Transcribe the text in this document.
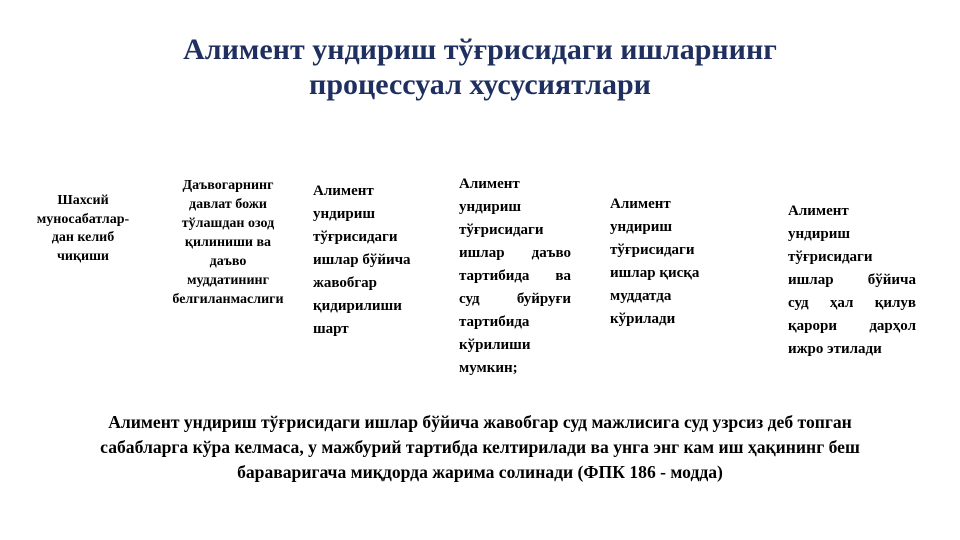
Алимент ундириш тўғрисидаги ишларнинг
процессуал хусусиятлари
Шахсий
муносабатлар-
дан келиб
чиқиши
Даъвогарнинг
давлат божи
тўлашдан озод
қилиниши ва
даъво
муддатининг
белгиланмаслиги
Алимент
ундириш
тўғрисидаги
ишлар бўйича
жавобгар
қидирилиши
шарт
Алимент
ундириш
тўғрисидаги
ишлар даъво
тартибида ва
суд буйруғи
тартибида
кўрилиши
мумкин;
Алимент
ундириш
тўғрисидаги
ишлар қисқа
муддатда
кўрилади
Алимент
ундириш
тўғрисидаги
ишлар бўйича
суд ҳал қилув
қарори дарҳол
ижро этилади
Алимент ундириш тўғрисидаги ишлар бўйича жавобгар суд мажлисига суд узрсиз деб топган
сабабларга кўра келмаса, у мажбурий тартибда келтирилади ва унга энг кам иш ҳақининг беш
бараваригача миқдорда жарима солинади (ФПК 186 - модда)
